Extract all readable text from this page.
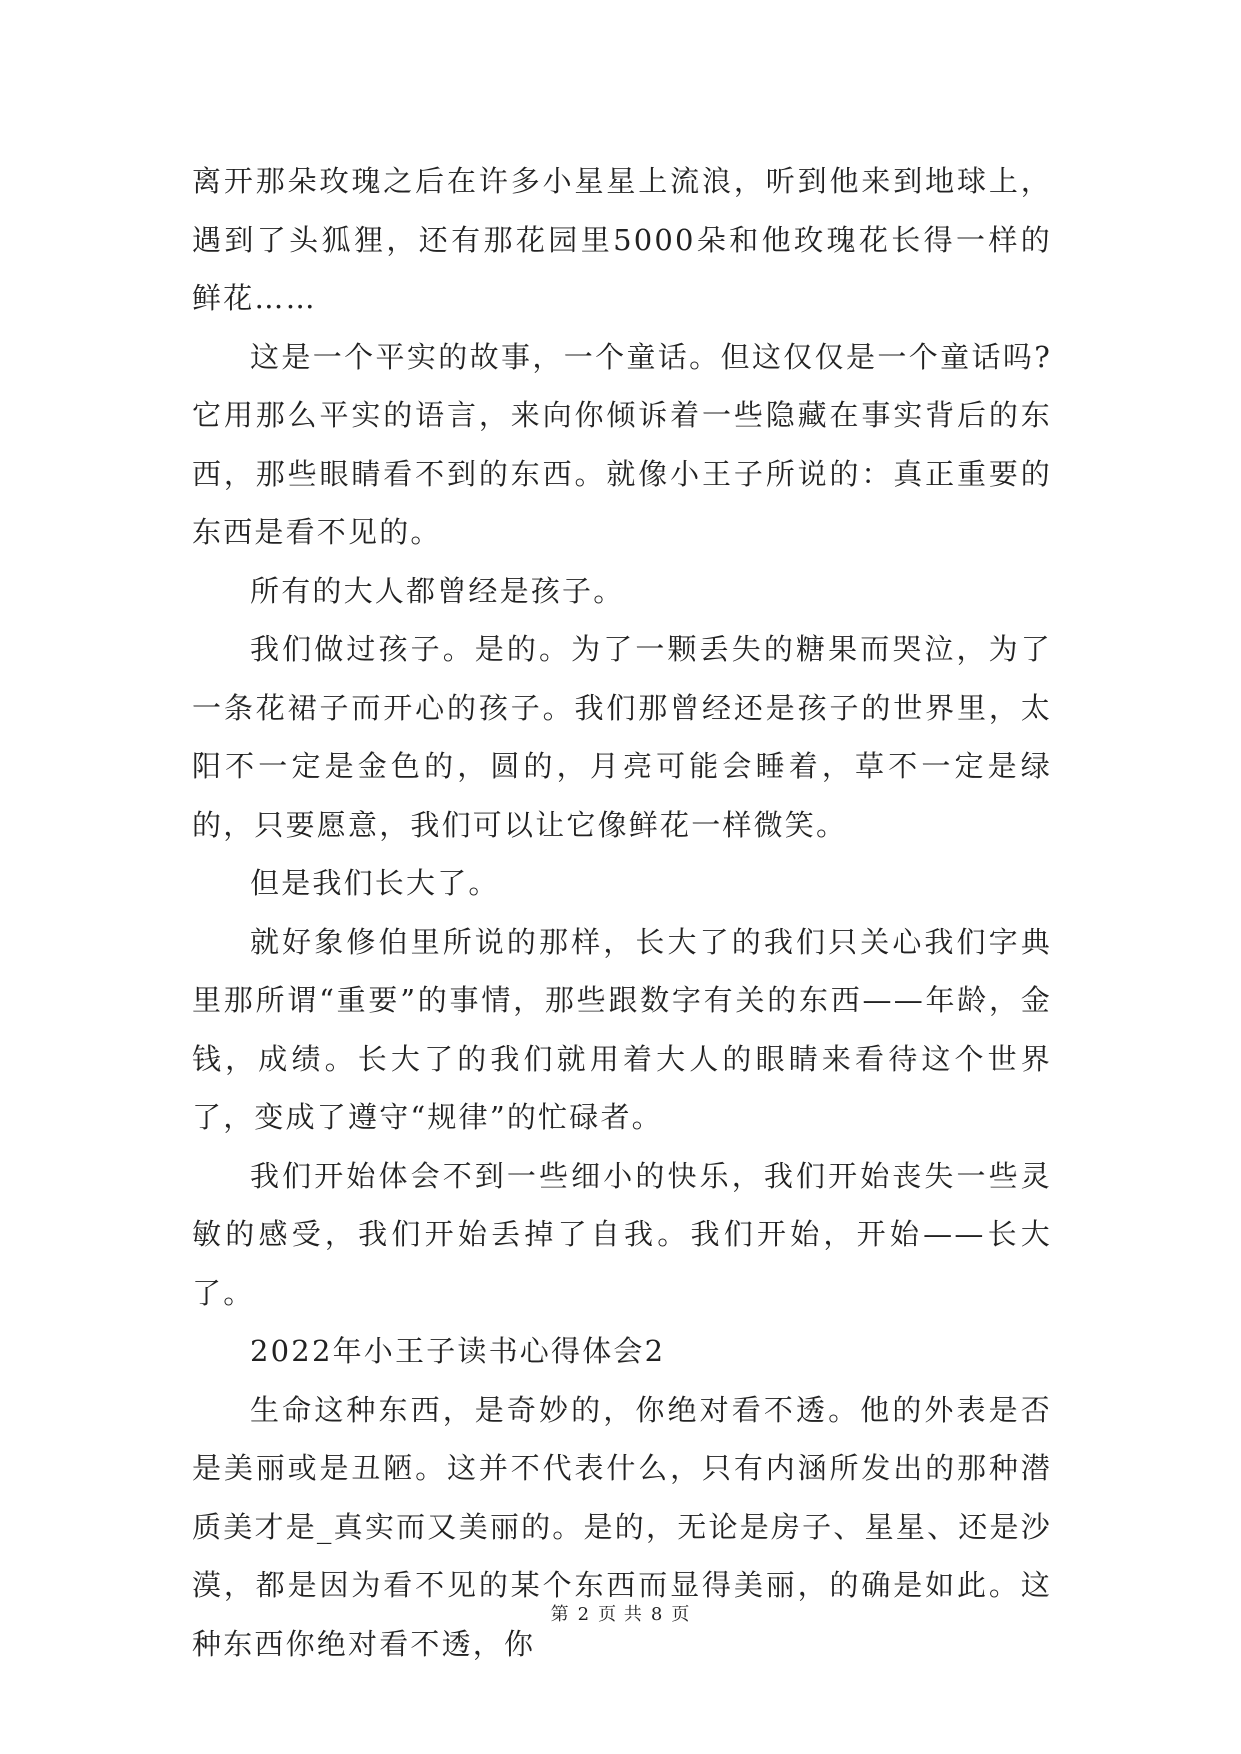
离开那朵玫瑰之后在许多小星星上流浪，听到他来到地球上，遇到了头狐狸，还有那花园里5000朵和他玫瑰花长得一样的鲜花……

这是一个平实的故事，一个童话。但这仅仅是一个童话吗?它用那么平实的语言，来向你倾诉着一些隐藏在事实背后的东西，那些眼睛看不到的东西。就像小王子所说的：真正重要的东西是看不见的。

所有的大人都曾经是孩子。

我们做过孩子。是的。为了一颗丢失的糖果而哭泣，为了一条花裙子而开心的孩子。我们那曾经还是孩子的世界里，太阳不一定是金色的，圆的，月亮可能会睡着，草不一定是绿的，只要愿意，我们可以让它像鲜花一样微笑。

但是我们长大了。

就好象修伯里所说的那样，长大了的我们只关心我们字典里那所谓“重要”的事情，那些跟数字有关的东西——年龄，金钱，成绩。长大了的我们就用着大人的眼睛来看待这个世界了，变成了遵守“规律”的忙碌者。

我们开始体会不到一些细小的快乐，我们开始丧失一些灵敏的感受，我们开始丢掉了自我。我们开始，开始——长大了。

2022年小王子读书心得体会2

生命这种东西，是奇妙的，你绝对看不透。他的外表是否是美丽或是丑陋。这并不代表什么，只有内涵所发出的那种潜质美才是_真实而又美丽的。是的，无论是房子、星星、还是沙漠，都是因为看不见的某个东西而显得美丽，的确是如此。这种东西你绝对看不透，你

第 2 页 共 8 页
